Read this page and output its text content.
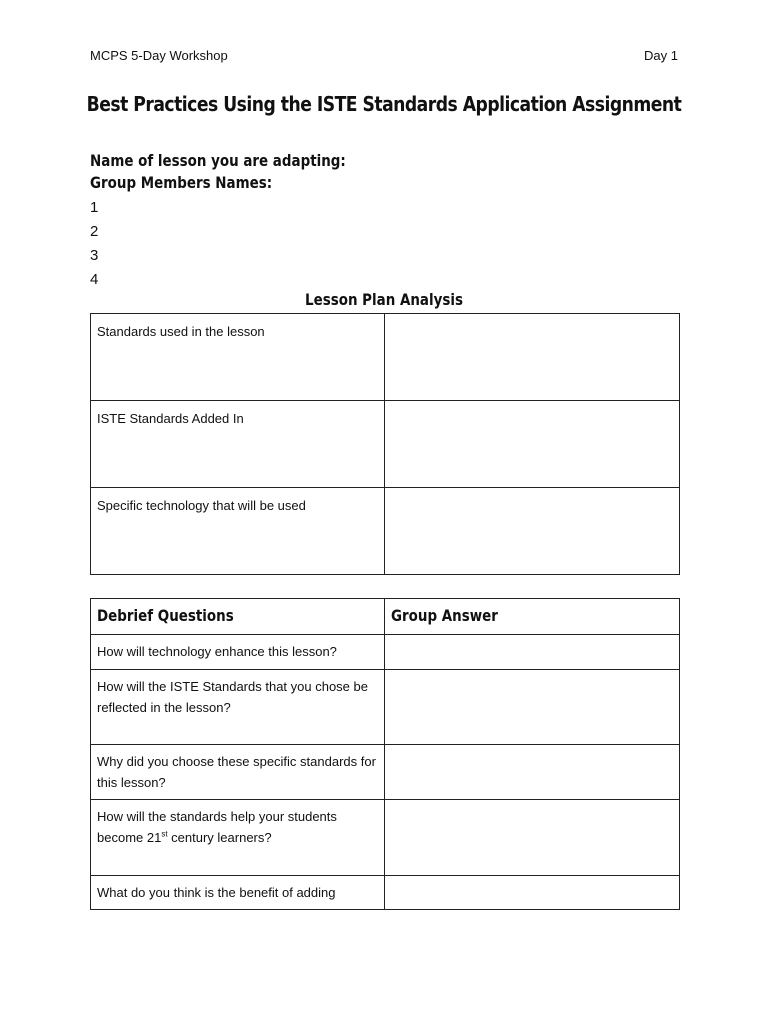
MCPS 5-Day Workshop	Day 1
Best Practices Using the ISTE Standards Application Assignment
Name of lesson you are adapting:
Group Members Names:
1
2
3
4
Lesson Plan Analysis
Standards used in the lesson	
ISTE Standards Added In	
Specific technology that will be used	
Debrief Questions	Group Answer
How will technology enhance this lesson?	
How will the ISTE Standards that you chose be reflected in the lesson?	
Why did you choose these specific standards for this lesson?	
How will the standards help your students become 21st century learners?	
What do you think is the benefit of adding	
